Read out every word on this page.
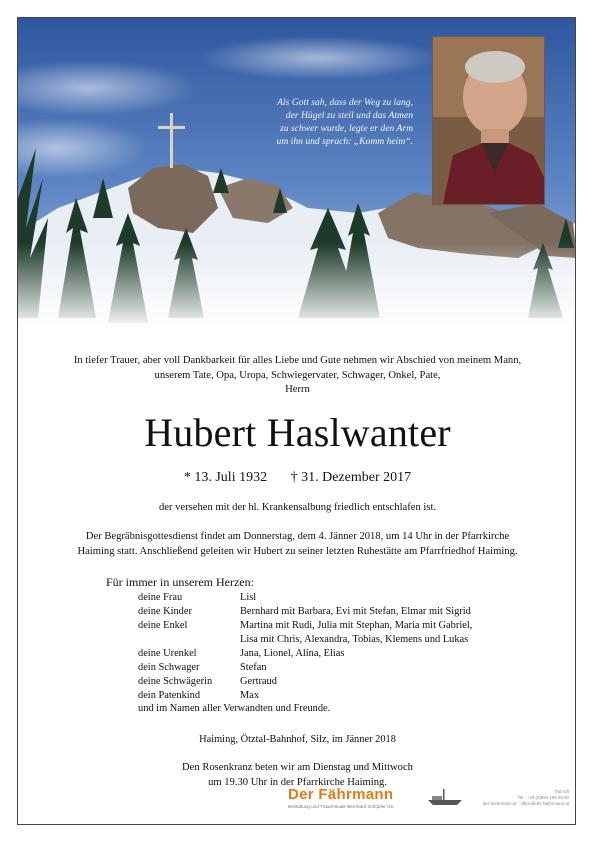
Als Gott sah, dass der Weg zu lang,
der Hügel zu steil und das Atmen
zu schwer wurde, legte er den Arm
um ihn und sprach: „Komm heim“.
In tiefer Trauer, aber voll Dankbarkeit für alles Liebe und Gute nehmen wir Abschied von meinem Mann,
unserem Tate, Opa, Uropa, Schwiegervater, Schwager, Onkel, Pate,
Herrn
Hubert Haslwanter
* 13. Juli 1932 † 31. Dezember 2017
der versehen mit der hl. Krankensalbung friedlich entschlafen ist.
Der Begräbnisgottesdienst findet am Donnerstag, dem 4. Jänner 2018, um 14 Uhr in der Pfarrkirche
Haiming statt. Anschließend geleiten wir Hubert zu seiner letzten Ruhestätte am Pfarrfriedhof Haiming.
Für immer in unserem Herzen:
deine Frau	Lisl
deine Kinder	Bernhard mit Barbara, Evi mit Stefan, Elmar mit Sigrid
deine Enkel	Martina mit Rudi, Julia mit Stephan, Maria mit Gabriel,
Lisa mit Chris, Alexandra, Tobias, Klemens und Lukas
deine Urenkel	Jana, Lionel, Alina, Elias
dein Schwager	Stefan
deine Schwägerin	Gertraud
dein Patenkind	Max
und im Namen aller Verwandten und Freunde.
Haiming, Ötztal-Bahnhof, Silz, im Jänner 2018
Den Rosenkranz beten wir am Dienstag und Mittwoch
um 19.30 Uhr in der Pfarrkirche Haiming.
Der Fährmann
Bestattung und Trauerrituale Bernhard Schöpfer GK
Tod ruft
Tel.: +43 (0)664 195 99 60
der-faehrmann.at · office@der-faehrmann.at
